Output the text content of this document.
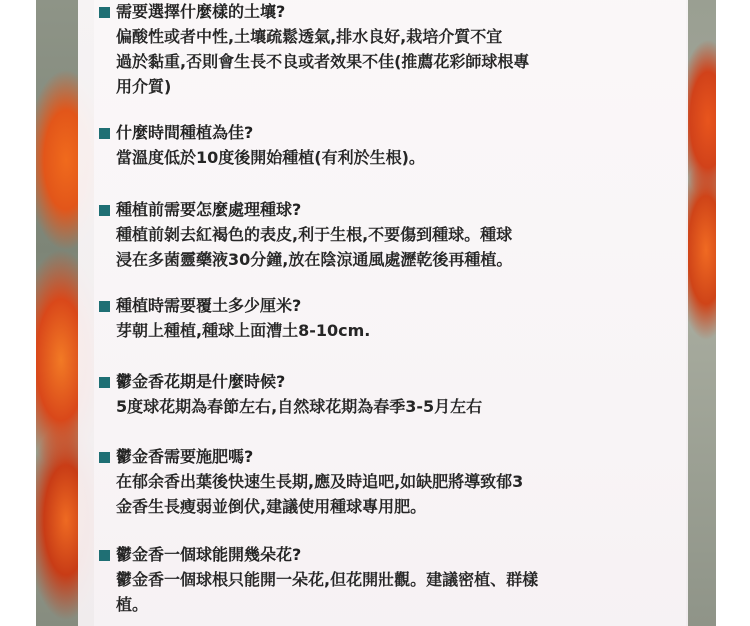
需要選擇什麼樣的土壤?
偏酸性或者中性,土壤疏鬆透氣,排水良好,栽培介質不宜
過於黏重,否則會生長不良或者效果不佳(推薦花彩師球根專
用介質)
什麼時間種植為佳?
當溫度低於10度後開始種植(有利於生根)。
種植前需要怎麼處理種球?
種植前剝去紅褐色的表皮,利于生根,不要傷到種球。種球
浸在多菌靈藥液30分鐘,放在陰涼通風處瀝乾後再種植。
種植時需要覆土多少厘米?
芽朝上種植,種球上面漕土8-10cm.
鬱金香花期是什麼時候?
5度球花期為春節左右,自然球花期為春季3-5月左右
鬱金香需要施肥嗎?
在郁余香出葉後快速生長期,應及時追吧,如缺肥將導致郁3
金香生長瘦弱並倒伏,建議使用種球專用肥。
鬱金香一個球能開幾朵花?
鬱金香一個球根只能開一朵花,但花開壯觀。建議密植、群樣
植。
